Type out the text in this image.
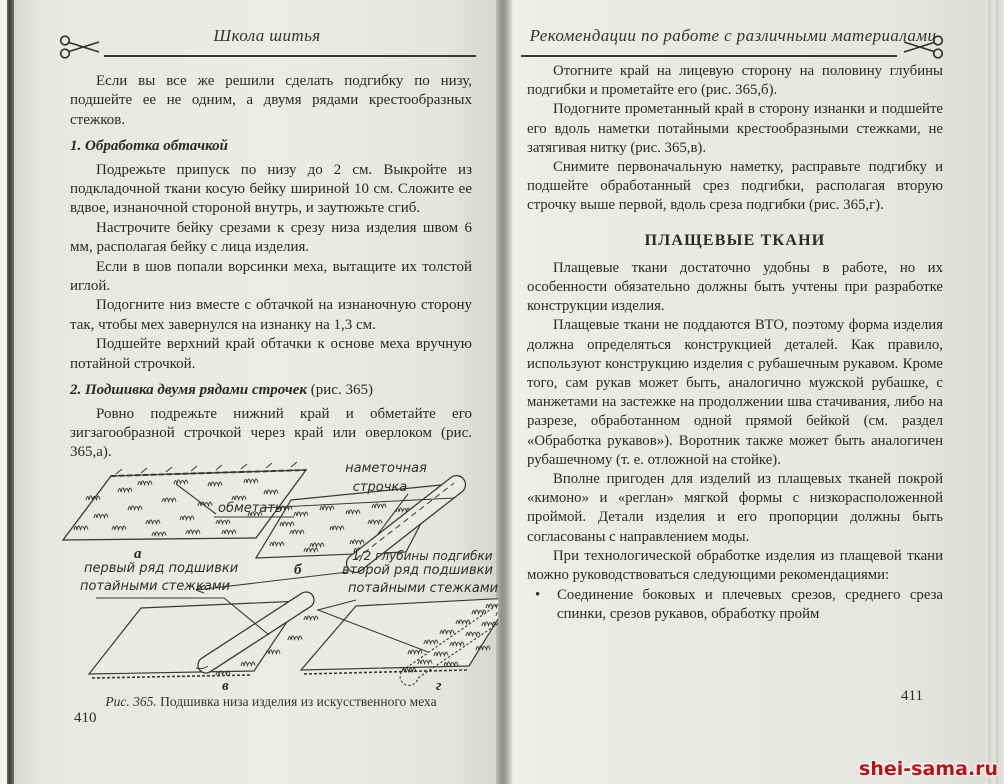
Школа шитья

Если вы все же решили сделать подгибку по низу, подшейте ее не одним, а двумя рядами крестообразных стежков.

1. Обработка обтачкой

Подрежьте припуск по низу до 2 см. Выкройте из подкладочной ткани косую бейку шириной 10 см. Сложите ее вдвое, изнаночной стороной внутрь, и заутюжьте сгиб.

Настрочите бейку срезами к срезу низа изделия швом 6 мм, располагая бейку с лица изделия.

Если в шов попали ворсинки меха, вытащите их толстой иглой.

Подогните низ вместе с обтачкой на изнаночную сторону так, чтобы мех завернулся на изнанку на 1,3 см.

Подшейте верхний край обтачки к основе меха вручную потайной строчкой.

2. Подшивка двумя рядами строчек (рис. 365)

Ровно подрежьте нижний край и обметайте его зигзагообразной строчкой через край или оверлоком (рис. 365,а).

наметочная
строчка
обметать
1/2 глубины подгибки
первый ряд подшивки
потайными стежками
второй ряд подшивки
потайными стежками
а
б
в	г
Рис. 365. Подшивка низа изделия из искусственного меха
410
Рекомендации по работе с различными материалами

Отогните край на лицевую сторону на половину глубины подгибки и прометайте его (рис. 365,б).

Подогните прометанный край в сторону изнанки и подшейте его вдоль наметки потайными крестообразными стежками, не затягивая нитку (рис. 365,в).

Снимите первоначальную наметку, расправьте подгибку и подшейте обработанный срез подгибки, располагая вторую строчку выше первой, вдоль среза подгибки (рис. 365,г).

ПЛАЩЕВЫЕ ТКАНИ

Плащевые ткани достаточно удобны в работе, но их особенности обязательно должны быть учтены при разработке конструкции изделия.

Плащевые ткани не поддаются ВТО, поэтому форма изделия должна определяться конструкцией деталей. Как правило, используют конструкцию изделия с рубашечным рукавом. Кроме того, сам рукав может быть, аналогично мужской рубашке, с манжетами на застежке на продолжении шва стачивания, либо на разрезе, обработанном одной прямой бейкой (см. раздел «Обработка рукавов»). Воротник также может быть аналогичен рубашечному (т. е. отложной на стойке).

Вполне пригоден для изделий из плащевых тканей покрой «кимоно» и «реглан» мягкой формы с низкорасположенной проймой. Детали изделия и его пропорции должны быть согласованы с направлением моды.

При технологической обработке изделия из плащевой ткани можно руководствоваться следующими рекомендациями:

• Соединение боковых и плечевых срезов, среднего среза спинки, срезов рукавов, обработку пройм

411
shei-sama.ru
